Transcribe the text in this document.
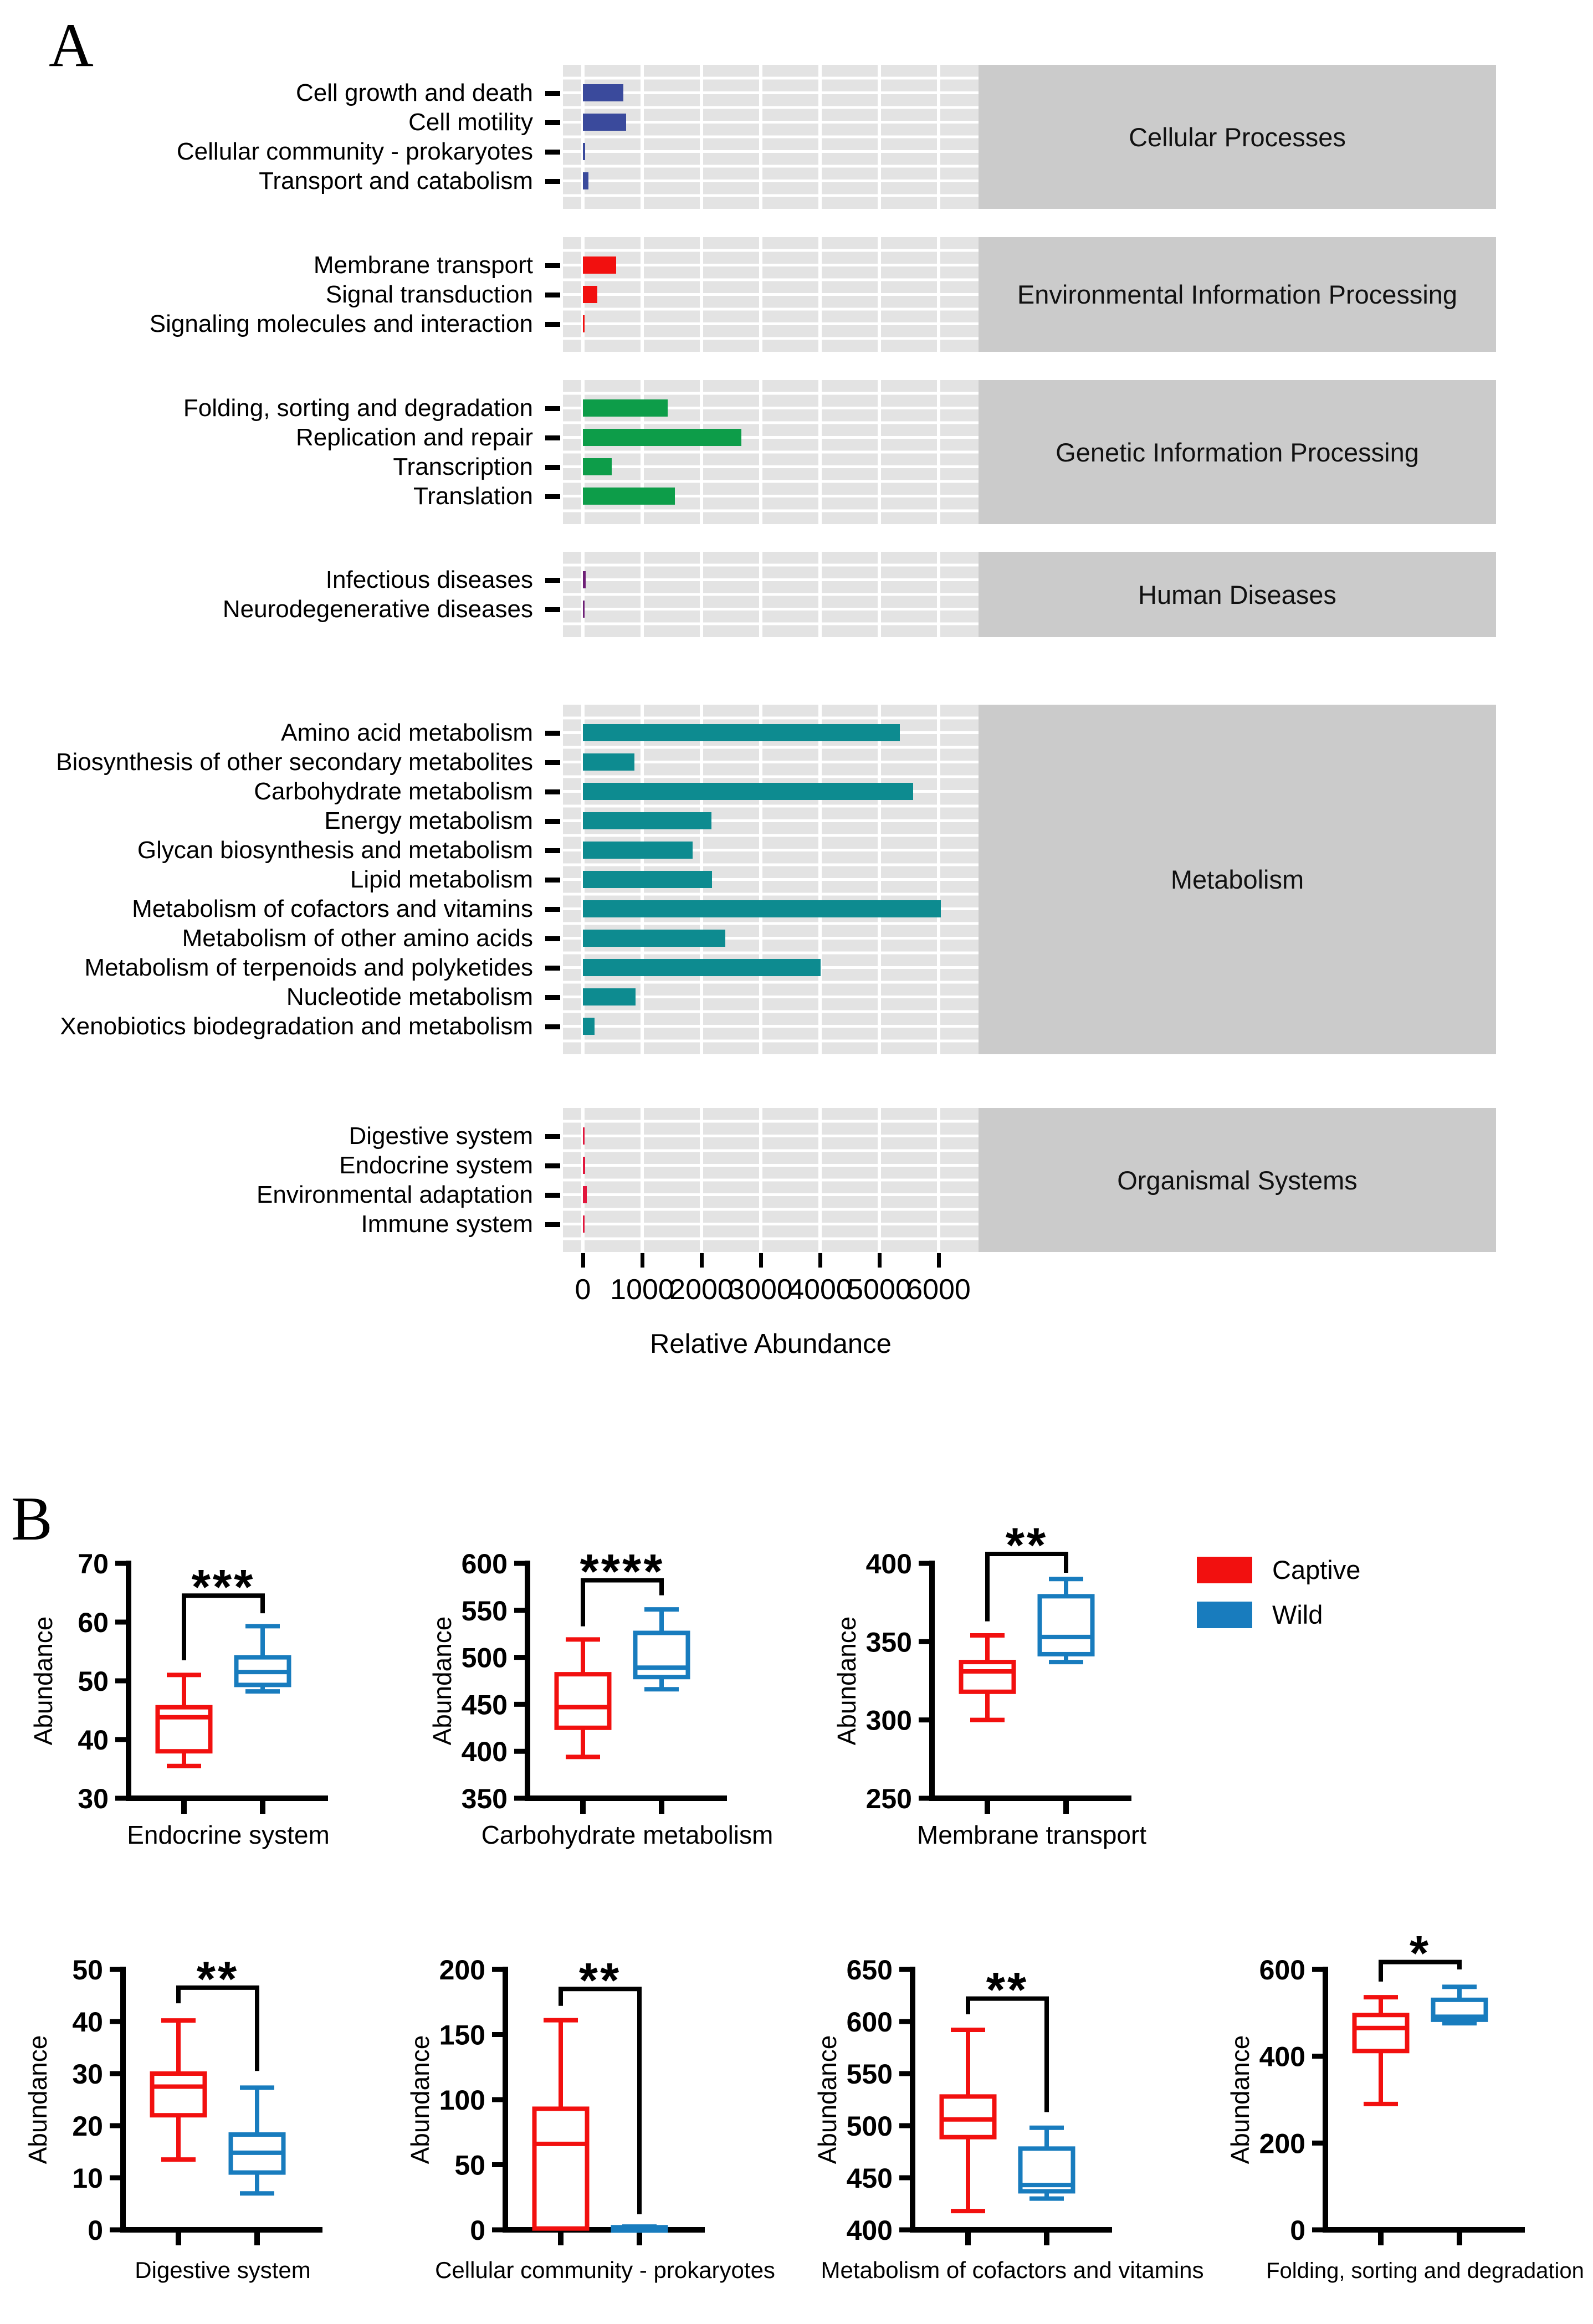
A
Cellular Processes
Cell growth and death
Cell motility
Cellular community - prokaryotes
Transport and catabolism
Environmental Information Processing
Membrane transport
Signal transduction
Signaling molecules and interaction
Genetic Information Processing
Folding, sorting and degradation
Replication and repair
Transcription
Translation
Human Diseases
Infectious diseases
Neurodegenerative diseases
Metabolism
Amino acid metabolism
Biosynthesis of other secondary metabolites
Carbohydrate metabolism
Energy metabolism
Glycan biosynthesis and metabolism
Lipid metabolism
Metabolism of cofactors and vitamins
Metabolism of other amino acids
Metabolism of terpenoids and polyketides
Nucleotide metabolism
Xenobiotics biodegradation and metabolism
Organismal Systems
Digestive system
Endocrine system
Environmental adaptation
Immune system
0 1000
2000
3000
4000
5000
6000
Relative Abundance
B
30
40
50
60
70
Abundance
***
Endocrine system
350
400
450
500
550
600
Abundance
****
Carbohydrate metabolism
250
300
350
400
Abundance
**
Membrane transport
0
10
20
30
40
50
Abundance
**
Digestive system
0
50
100
150
200
Abundance
**
Cellular community - prokaryotes
400
450
500
550
600
650
Abundance
**
Metabolism of cofactors and vitamins
0
200
400
600
Abundance
*
Folding, sorting and degradation
Captive
Wild
